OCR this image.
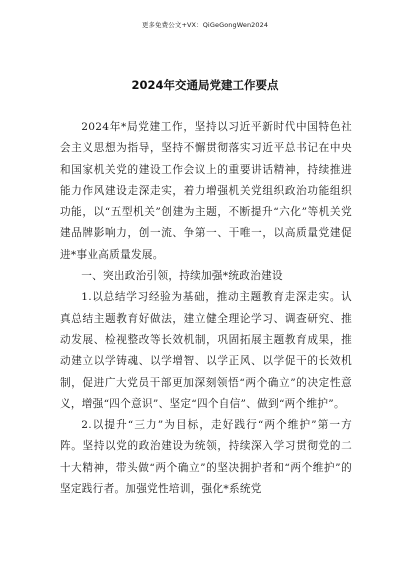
更多免费公文+VX：QiGeGongWen2024
2024年交通局党建工作要点

2024年*局党建工作，坚持以习近平新时代中国特色社会主义思想为指导，坚持不懈贯彻落实习近平总书记在中央和国家机关党的建设工作会议上的重要讲话精神，持续推进能力作风建设走深走实，着力增强机关党组织政治功能组织功能，以“五型机关”创建为主题，不断提升“六化”等机关党建品牌影响力，创一流、争第一、干唯一，以高质量党建促进*事业高质量发展。

一、突出政治引领，持续加强*统政治建设

1.以总结学习经验为基础，推动主题教育走深走实。认真总结主题教育好做法，建立健全理论学习、调查研究、推动发展、检视整改等长效机制，巩固拓展主题教育成果，推动建立以学铸魂、以学增智、以学正风、以学促干的长效机制，促进广大党员干部更加深刻领悟“两个确立”的决定性意义，增强“四个意识”、坚定“四个自信”、做到“两个维护”。

2.以提升“三力”为目标，走好践行“两个维护”第一方阵。坚持以党的政治建设为统领，持续深入学习贯彻党的二十大精神，带头做“两个确立”的坚决拥护者和“两个维护”的坚定践行者。加强党性培训，强化*系统党
